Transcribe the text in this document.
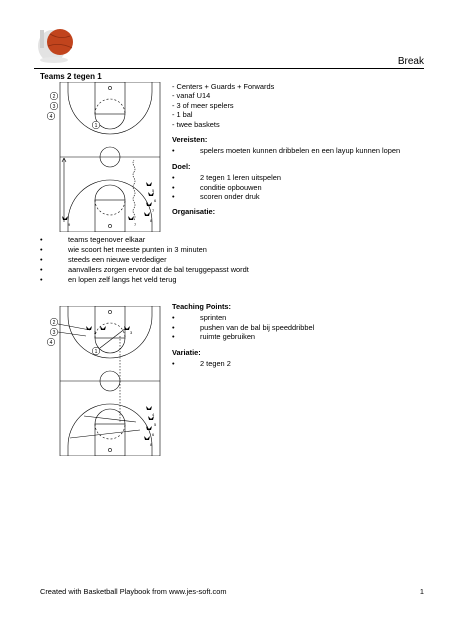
Break
Teams 2 tegen 1
2
3
4
1
5
6
7
8
9	7
- Centers + Guards + Forwards
- vanaf U14
- 3 of meer spelers
- 1 bal
- twee baskets
Vereisten:
•	spelers moeten kunnen dribbelen en een layup kunnen lopen
Doel:
•	2 tegen 1 leren uitspelen
•	conditie opbouwen
•	scoren onder druk
Organisatie:
•	teams tegenover elkaar
•	wie scoort het meeste punten in 3 minuten
•	steeds een nieuwe verdediger
•	aanvallers zorgen ervoor dat de bal teruggepasst wordt
•	en lopen zelf langs het veld terug
2
3
4
1
2	3
4
5
6
8
Teaching Points:
•	sprinten
•	pushen van de bal bij speeddribbel
•	ruimte gebruiken
Variatie:
•	2 tegen 2
Created with Basketball Playbook from www.jes-soft.com	1
